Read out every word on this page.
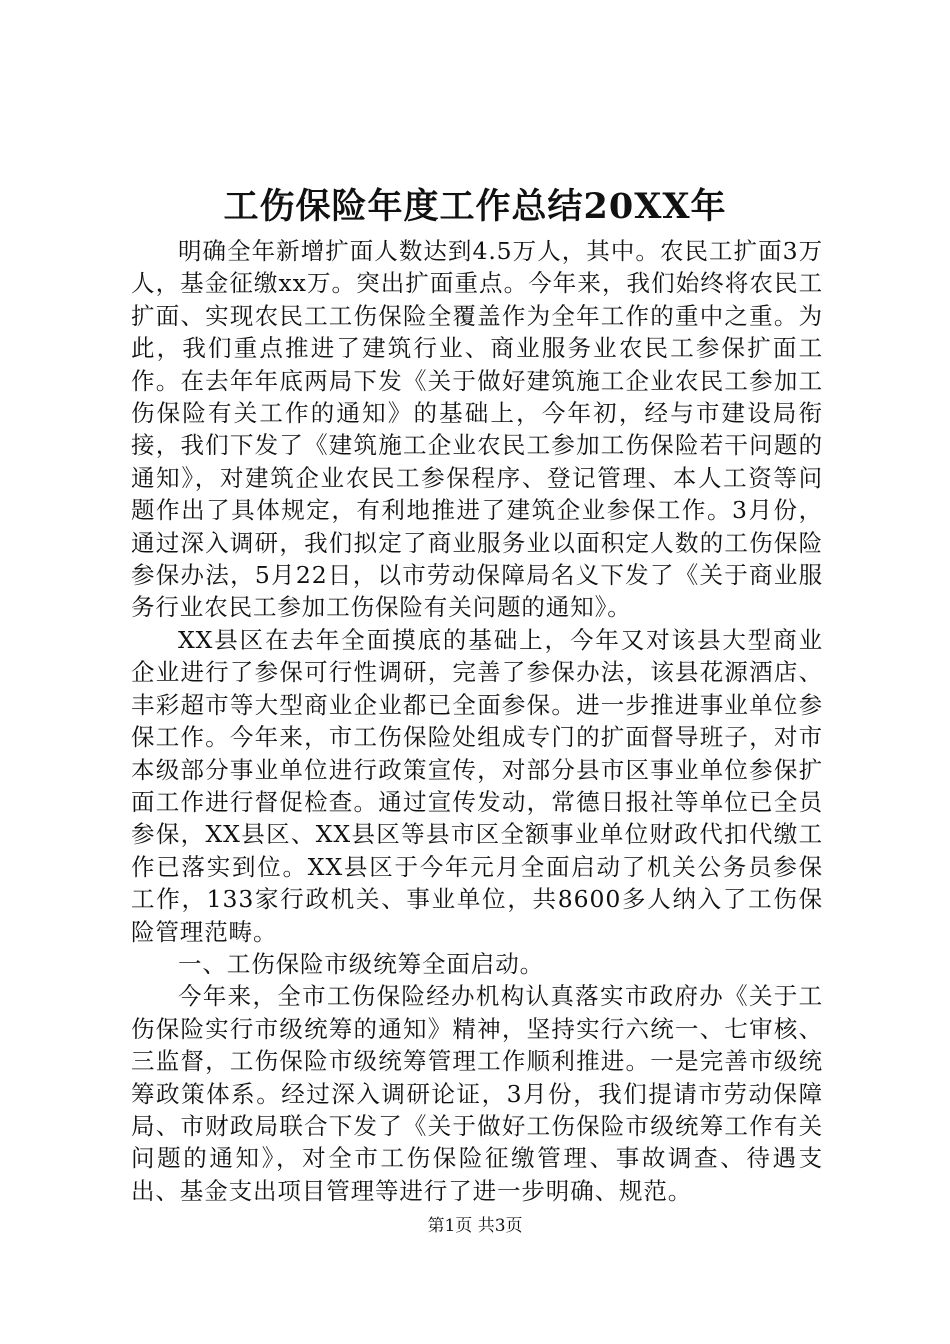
工伤保险年度工作总结20XX年

明确全年新增扩面人数达到4.5万人，其中。农民工扩面3万人，基金征缴xx万。突出扩面重点。今年来，我们始终将农民工扩面、实现农民工工伤保险全覆盖作为全年工作的重中之重。为此，我们重点推进了建筑行业、商业服务业农民工参保扩面工作。在去年年底两局下发《关于做好建筑施工企业农民工参加工伤保险有关工作的通知》的基础上，今年初，经与市建设局衔接，我们下发了《建筑施工企业农民工参加工伤保险若干问题的通知》，对建筑企业农民工参保程序、登记管理、本人工资等问题作出了具体规定，有利地推进了建筑企业参保工作。3月份，通过深入调研，我们拟定了商业服务业以面积定人数的工伤保险参保办法，5月22日，以市劳动保障局名义下发了《关于商业服务行业农民工参加工伤保险有关问题的通知》。

XX县区在去年全面摸底的基础上，今年又对该县大型商业企业进行了参保可行性调研，完善了参保办法，该县花源酒店、丰彩超市等大型商业企业都已全面参保。进一步推进事业单位参保工作。今年来，市工伤保险处组成专门的扩面督导班子，对市本级部分事业单位进行政策宣传，对部分县市区事业单位参保扩面工作进行督促检查。通过宣传发动，常德日报社等单位已全员参保，XX县区、XX县区等县市区全额事业单位财政代扣代缴工作已落实到位。XX县区于今年元月全面启动了机关公务员参保工作，133家行政机关、事业单位，共8600多人纳入了工伤保险管理范畴。

一、工伤保险市级统筹全面启动。

今年来，全市工伤保险经办机构认真落实市政府办《关于工伤保险实行市级统筹的通知》精神，坚持实行六统一、七审核、三监督，工伤保险市级统筹管理工作顺利推进。一是完善市级统筹政策体系。经过深入调研论证，3月份，我们提请市劳动保障局、市财政局联合下发了《关于做好工伤保险市级统筹工作有关问题的通知》，对全市工伤保险征缴管理、事故调查、待遇支出、基金支出项目管理等进行了进一步明确、规范。

第1页 共3页
